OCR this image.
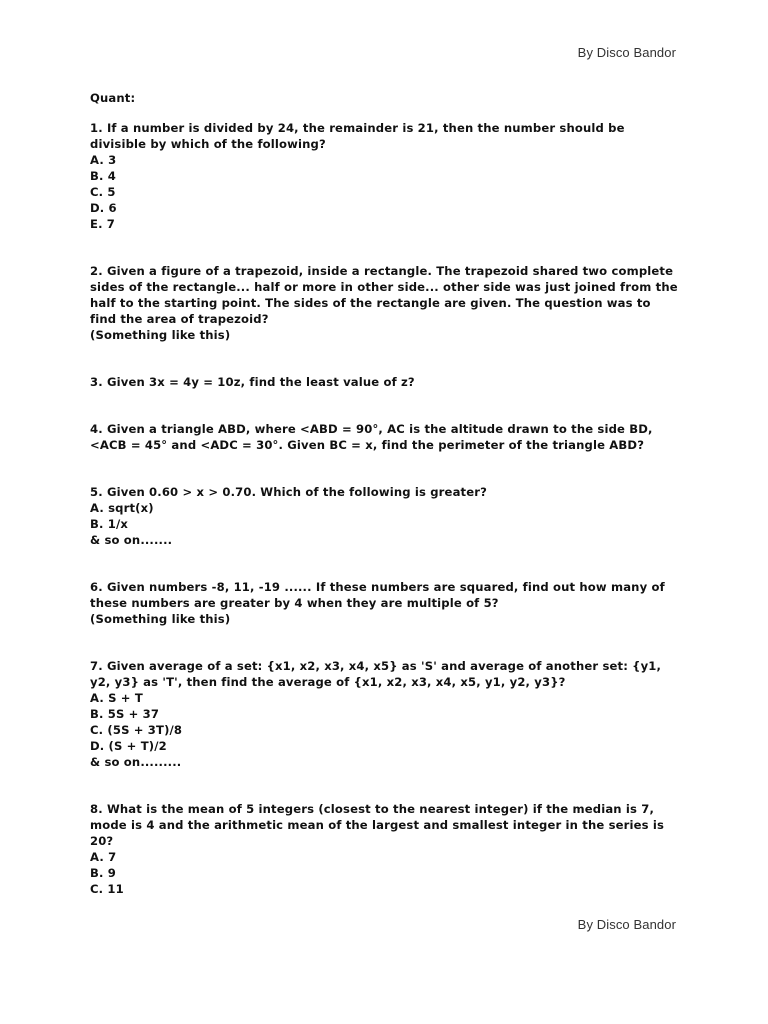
By Disco Bandor
Quant:
1. If a number is divided by 24, the remainder is 21, then the number should be divisible by which of the following?
A. 3
B. 4
C. 5
D. 6
E. 7
2. Given a figure of a trapezoid, inside a rectangle. The trapezoid shared two complete sides of the rectangle... half or more in other side... other side was just joined from the half to the starting point. The sides of the rectangle are given. The question was to find the area of trapezoid?
(Something like this)
3. Given 3x = 4y = 10z, find the least value of z?
4. Given a triangle ABD, where <ABD = 90°, AC is the altitude drawn to the side BD, <ACB = 45° and <ADC = 30°. Given BC = x, find the perimeter of the triangle ABD?
5. Given 0.60 > x > 0.70. Which of the following is greater?
A. sqrt(x)
B. 1/x
& so on.......
6. Given numbers -8, 11, -19 ...... If these numbers are squared, find out how many of these numbers are greater by 4 when they are multiple of 5?
(Something like this)
7. Given average of a set: {x1, x2, x3, x4, x5} as 'S' and average of another set: {y1, y2, y3} as 'T', then find the average of {x1, x2, x3, x4, x5, y1, y2, y3}?
A. S + T
B. 5S + 37
C. (5S + 3T)/8
D. (S + T)/2
& so on.........
8. What is the mean of 5 integers (closest to the nearest integer) if the median is 7, mode is 4 and the arithmetic mean of the largest and smallest integer in the series is 20?
A. 7
B. 9
C. 11
By Disco Bandor
